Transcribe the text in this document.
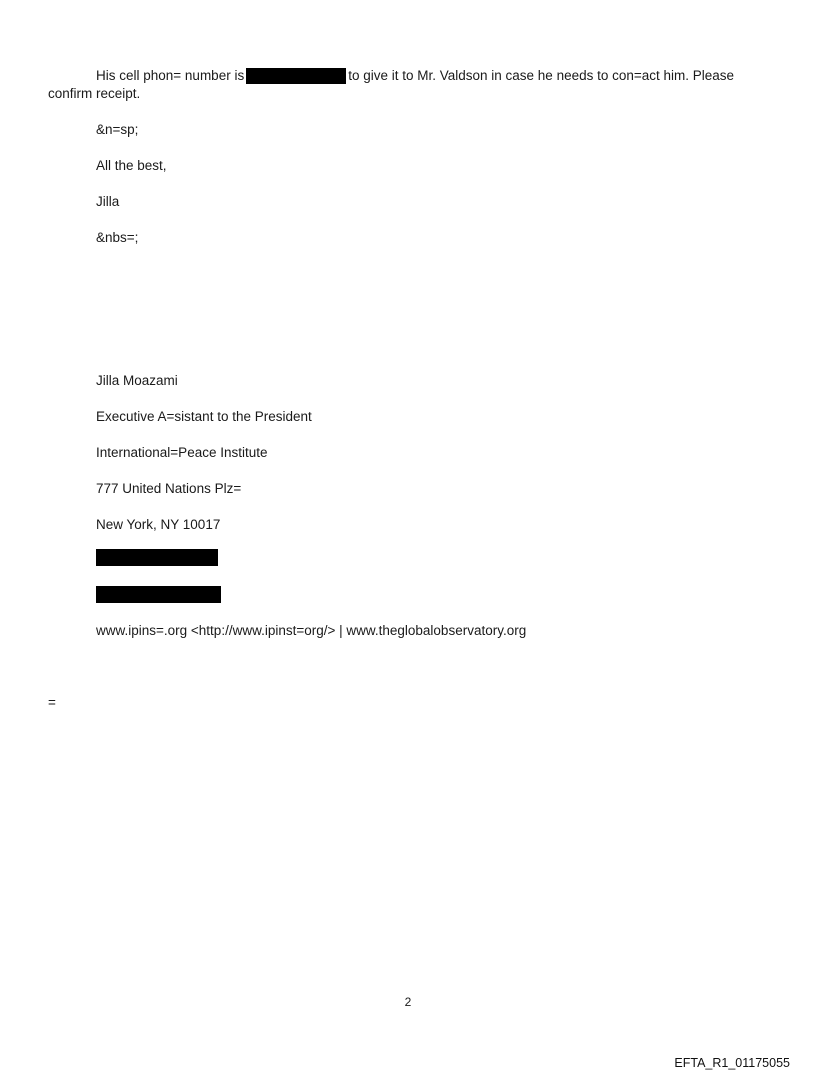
His cell phon= number is	to give it to Mr. Valdson in case he needs to con=act him. Please
confirm receipt.
&n=sp;
All the best,
Jilla
&nbs=;
Jilla Moazami
Executive A=sistant to the President
International=Peace Institute
777 United Nations Plz=
New York, NY 10017
www.ipins=.org <http://www.ipinst=org/> | www.theglobalobservatory.org
=
2
EFTA_R1_01175055
